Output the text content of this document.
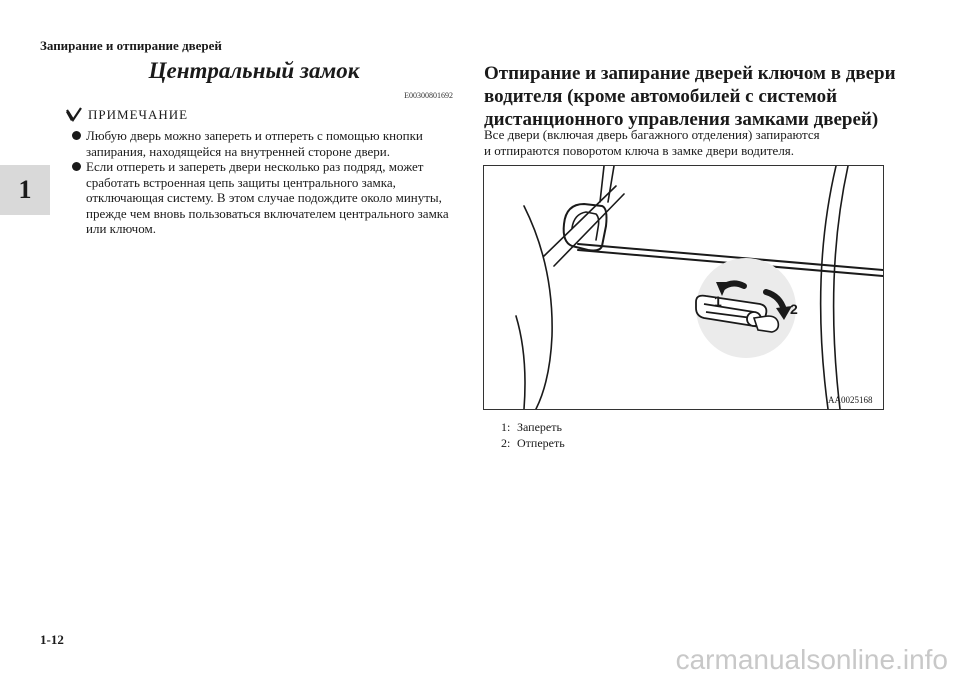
Запирание и отпирание дверей
1
Центральный замок
E00300801692
ПРИМЕЧАНИЕ
Любую дверь можно запереть и отпереть с помощью кнопки запирания, находящейся на внутренней стороне двери.
Если отпереть и запереть двери несколько раз подряд, может сработать встроенная цепь защиты центрального замка, отключающая систему. В этом случае подождите около минуты, прежде чем вновь пользоваться включателем центрального замка или ключом.
Отпирание и запирание дверей ключом в двери
водителя (кроме автомобилей с системой
дистанционного управления замками дверей)
Все двери (включая дверь багажного отделения) запираются
и отпираются поворотом ключа в замке двери водителя.
1	2
AA0025168
1: Запереть
2: Отпереть
1-12
carmanualsonline.info
